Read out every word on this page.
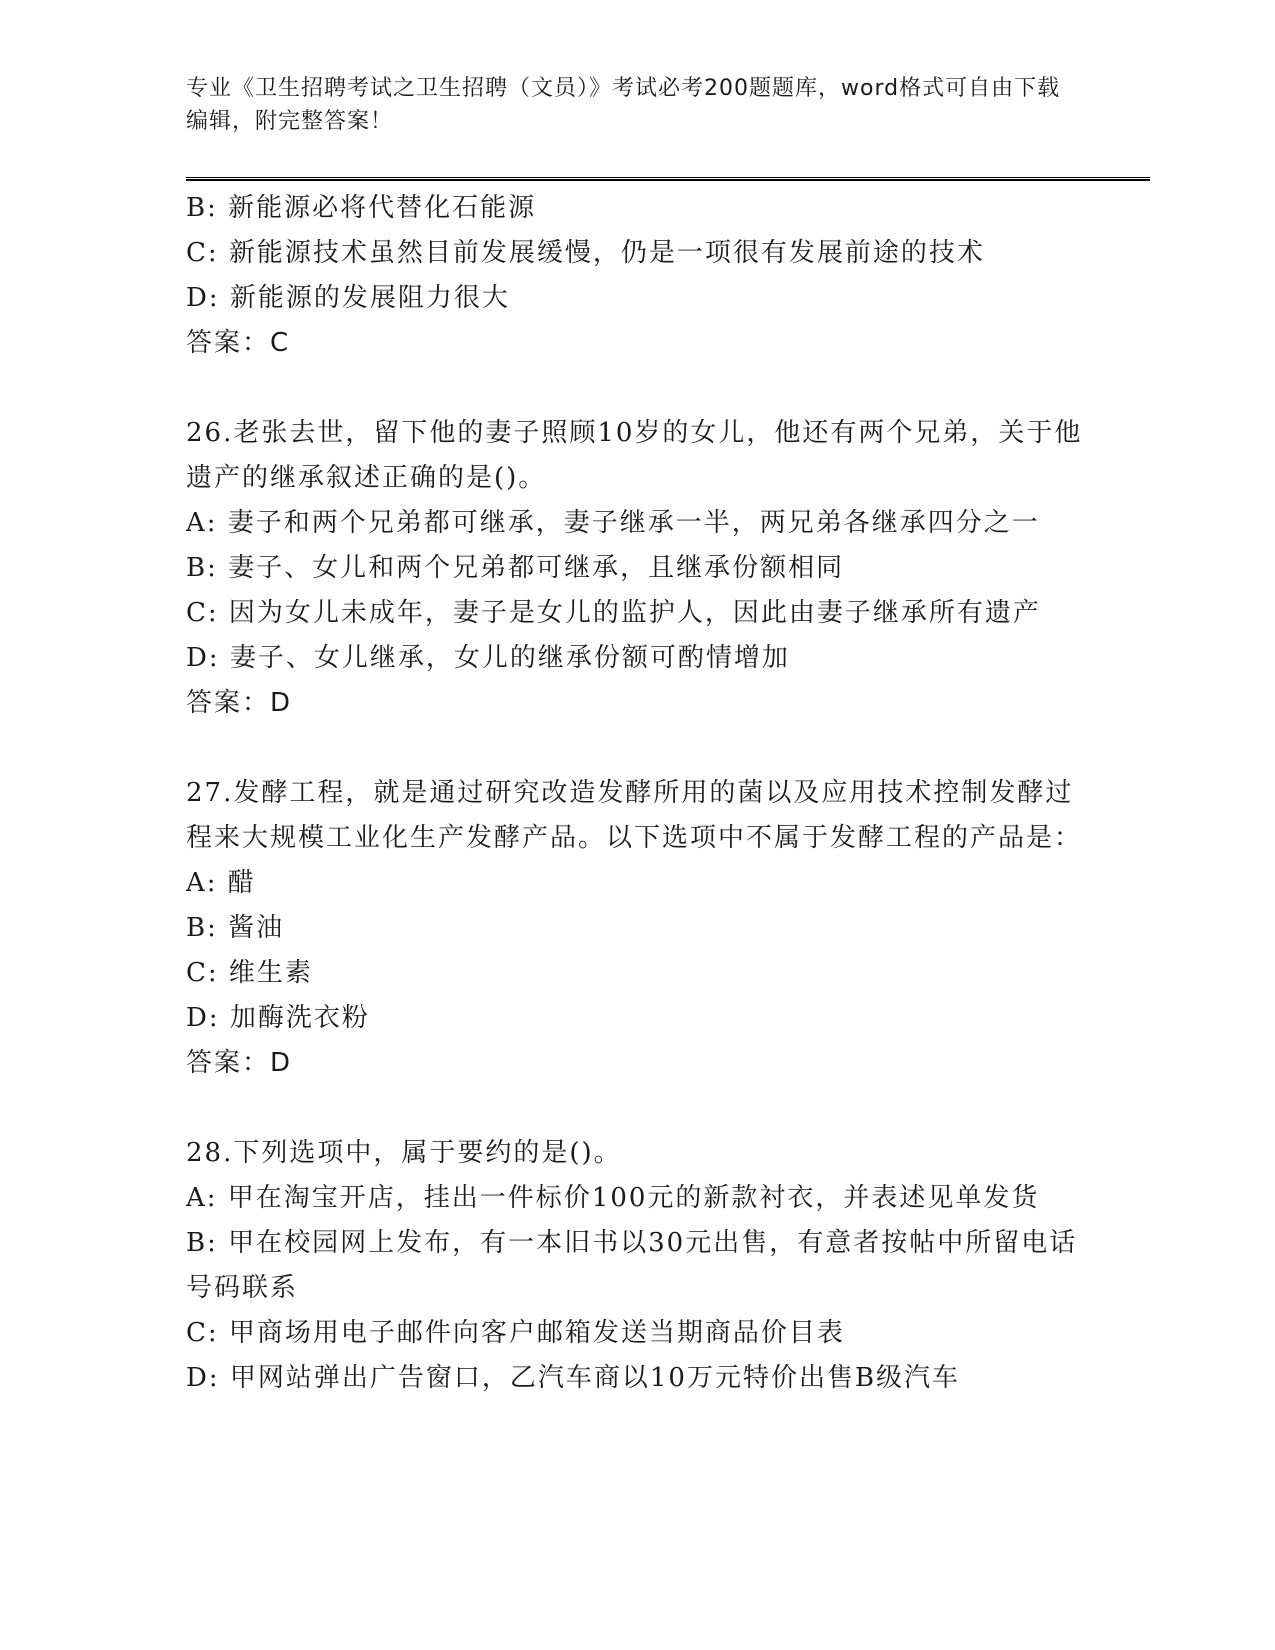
专业《卫生招聘考试之卫生招聘（文员）》考试必考200题题库，word格式可自由下载编辑，附完整答案！

B: 新能源必将代替化石能源

C: 新能源技术虽然目前发展缓慢，仍是一项很有发展前途的技术

D: 新能源的发展阻力很大

答案：C

26.老张去世，留下他的妻子照顾10岁的女儿，他还有两个兄弟，关于他遗产的继承叙述正确的是()。

A: 妻子和两个兄弟都可继承，妻子继承一半，两兄弟各继承四分之一

B: 妻子、女儿和两个兄弟都可继承，且继承份额相同

C: 因为女儿未成年，妻子是女儿的监护人，因此由妻子继承所有遗产

D: 妻子、女儿继承，女儿的继承份额可酌情增加

答案：D

27.发酵工程，就是通过研究改造发酵所用的菌以及应用技术控制发酵过程来大规模工业化生产发酵产品。以下选项中不属于发酵工程的产品是：

A: 醋

B: 酱油

C: 维生素

D: 加酶洗衣粉

答案：D

28.下列选项中，属于要约的是()。

A: 甲在淘宝开店，挂出一件标价100元的新款衬衣，并表述见单发货

B: 甲在校园网上发布，有一本旧书以30元出售，有意者按帖中所留电话号码联系

C: 甲商场用电子邮件向客户邮箱发送当期商品价目表

D: 甲网站弹出广告窗口，乙汽车商以10万元特价出售B级汽车
